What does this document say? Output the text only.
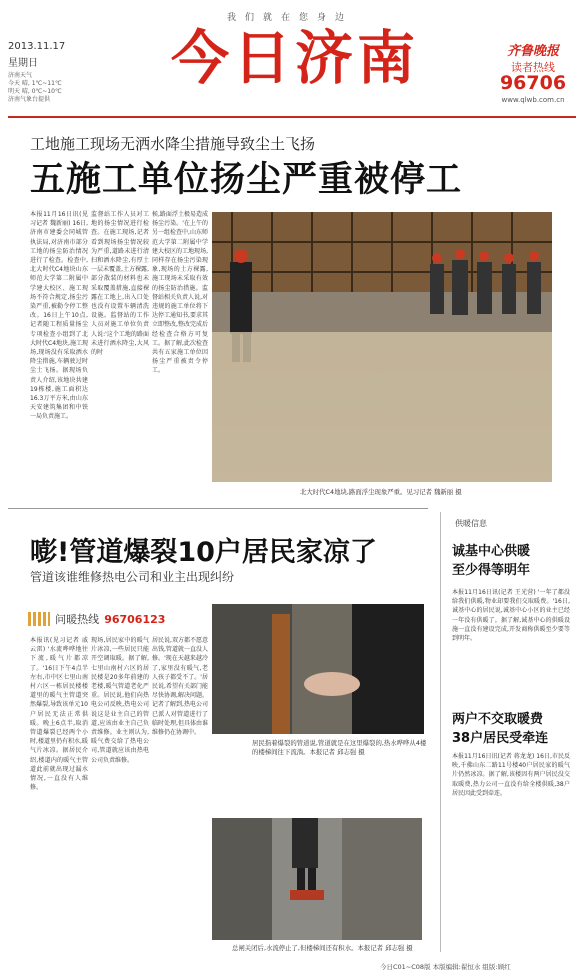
我们就在您身边
2013.11.17
星期日
济南天气
今天 晴, 1℃~11℃
明天 晴, 0℃~10℃
济南气象台提供
今日济南	齐鲁晚报
读者热线
96706
www.qlwb.com.cn
工地施工现场无洒水降尘措施导致尘土飞扬
五施工单位扬尘严重被停工
本报11月16日讯(见习记者 魏新丽) 16日,济南市建委会同城管执法局,对济南市部分工地的扬尘防治情况进行了检查。检查中,北大时代C4地块山东师范大学第二附属中学建大校区、施工现场不符合规定,扬尘污染严重,被勒令停工整改。16日上午10点,记者随工程质量扬尘专项检查小组到了北大时代C4地块,施工现场,现场没有采取洒水降尘措施,车辆驶过时尘土飞扬。据现场负责人介绍,该地块共建19栋楼,施工面积达16.3万平方米,由山东天安建筑集团和中铁一局负责施工。
监督站工作人员对工地的扬尘情况进行检查。在施工现场,记者看到现场扬尘情况较为严重,道路未进行清扫和洒水降尘,有厚土一层未覆盖,土方裸露,部分散装的材料也未采取覆盖措施,直接裸露在工地上,出入口处也没有设置车辆清洗设施。监督站的工作人员对施工单位负责人说:'这个工地的路面未进行洒水降尘,大风的时
候,路面浮土极易造成扬尘污染。'在上午的另一组检查中,山东师范大学第二附属中学建大校区的工地现场,同样存在扬尘污染现象,现场的土方裸露,施工现场未采取有效的扬尘防治措施。监督站相关负责人说,对违规的施工单位将下达停工通知书,要求其立即整改,整改完成后经检查合格方可复工。据了解,此次检查共有五家施工单位因扬尘严重被责令停工。
北大时代C4地块,路面浮尘现象严重。见习记者 魏新丽 摄
嘭!管道爆裂10户居民家凉了
管道该谁维修热电公司和业主出现纠纷
问暖热线 96706123
本报讯(见习记者 戚云雷) '水流哗哗地往下流,暖气片都凉了。'16日下午4点半左右,市中区七里山南村六区一栋居民楼楼道里的暖气主管道突然爆裂,导致该单元10户居民无法正常供暖。晚上6点半,取消管道爆裂已经两个小时,楼道里仍有积水,暖气片冰凉。据居民介绍,楼道内的暖气主管道此前就出现过漏水情况,一直没有人维修。
现场,居民家中的暖气片冰凉,一些居民只能开空调取暖。据了解,七里山南村六区的居民楼是20多年前建的老楼,暖气管道老化严重。居民说,他们向热电公司反映,热电公司说这是业主自己的管道,应该由业主自己负责维修。业主则认为,暖气费交给了热电公司,管道就应该由热电公司负责维修。
居民说,双方都不愿意出钱,管道就一直没人修。'现在天越来越冷了,家里没有暖气,老人孩子都受不了。'居民说,希望有关部门能尽快协调,解决问题。记者了解到,热电公司已派人对管道进行了临时处理,但具体由谁维修仍在协调中。
居民指着爆裂的管道说,管道就是在这里爆裂的,热水哗哗从4楼的楼梯间往下流淌。本报记者 邱志强 摄
总闸关闭后,水流停止了,但楼梯间还有积水。本报记者 邱志强 摄
供暖信息
诚基中心供暖
至少得等明年
本报11月16日讯(记者 王光营) '一年了都没给我们供暖,物业却要我们交取暖费。'16日,诚基中心的居民说,诚基中心小区的业主已经一年没有供暖了。据了解,诚基中心的供暖设施一直没有建设完成,开发商称供暖至少要等到明年。
两户不交取暖费
38户居民受牵连
本报11月16日讯(记者 蒋龙龙) 16日,市民反映,千佛山东二路11号楼40户居民家的暖气片仍然冰凉。据了解,该楼因有两户居民没交取暖费,热力公司一直没有给全楼供暖,38户居民因此受到牵连。
今日C01~C08版 本版编辑:翟恒水 组版:顾红
